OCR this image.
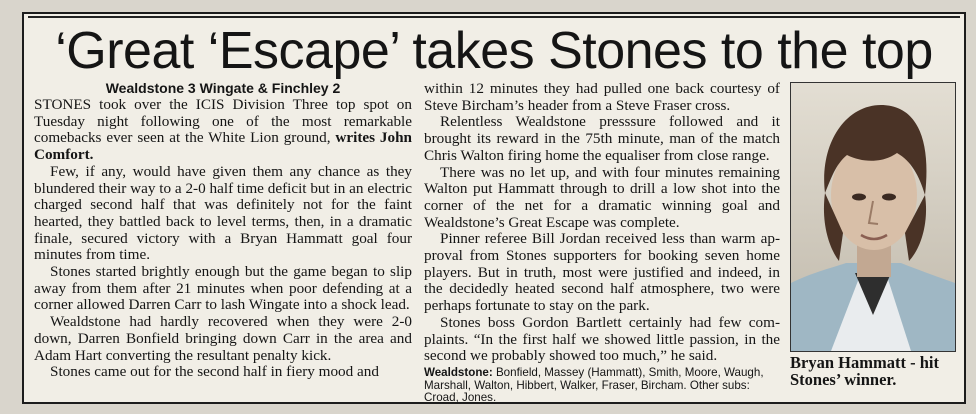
‘Great ‘Escape’ takes Stones to the top
Wealdstone 3 Wingate & Finchley 2

STONES took over the ICIS Division Three top spot on Tuesday night following one of the most remarkable comebacks ever seen at the White Lion ground, writes John Comfort.

Few, if any, would have given them any chance as they blundered their way to a 2-0 half time deficit but in an electric charged second half that was definitely not for the faint hearted, they battled back to level terms, then, in a dramatic finale, secured victory with a Bryan Hammatt goal four minutes from time.

Stones started brightly enough but the game began to slip away from them after 21 minutes when poor defending at a corner allowed Darren Carr to lash Wingate into a shock lead.

Wealdstone had hardly recovered when they were 2-0 down, Darren Bonfield bringing down Carr in the area and Adam Hart converting the resultant penalty kick.

Stones came out for the second half in fiery mood and

within 12 minutes they had pulled one back courtesy of Steve Bircham’s header from a Steve Fraser cross.

Relentless Wealdstone presssure followed and it brought its reward in the 75th minute, man of the match Chris Walton firing home the equaliser from close range.

There was no let up, and with four minutes remaining Walton put Hammatt through to drill a low shot into the corner of the net for a dramatic winning goal and Wealdstone’s Great Escape was complete.

Pinner referee Bill Jordan received less than warm approval from Stones supporters for booking seven home players. But in truth, most were justified and indeed, in the decidedly heated second half atmosphere, two were perhaps fortunate to stay on the park.

Stones boss Gordon Bartlett certainly had few complaints. “In the first half we showed little passion, in the second we probably showed too much,” he said.

Wealdstone: Bonfield, Massey (Hammatt), Smith, Moore, Waugh, Marshall, Walton, Hibbert, Walker, Fraser, Bircham. Other subs: Croad, Jones.
Bryan Hammatt - hit Stones’ winner.
